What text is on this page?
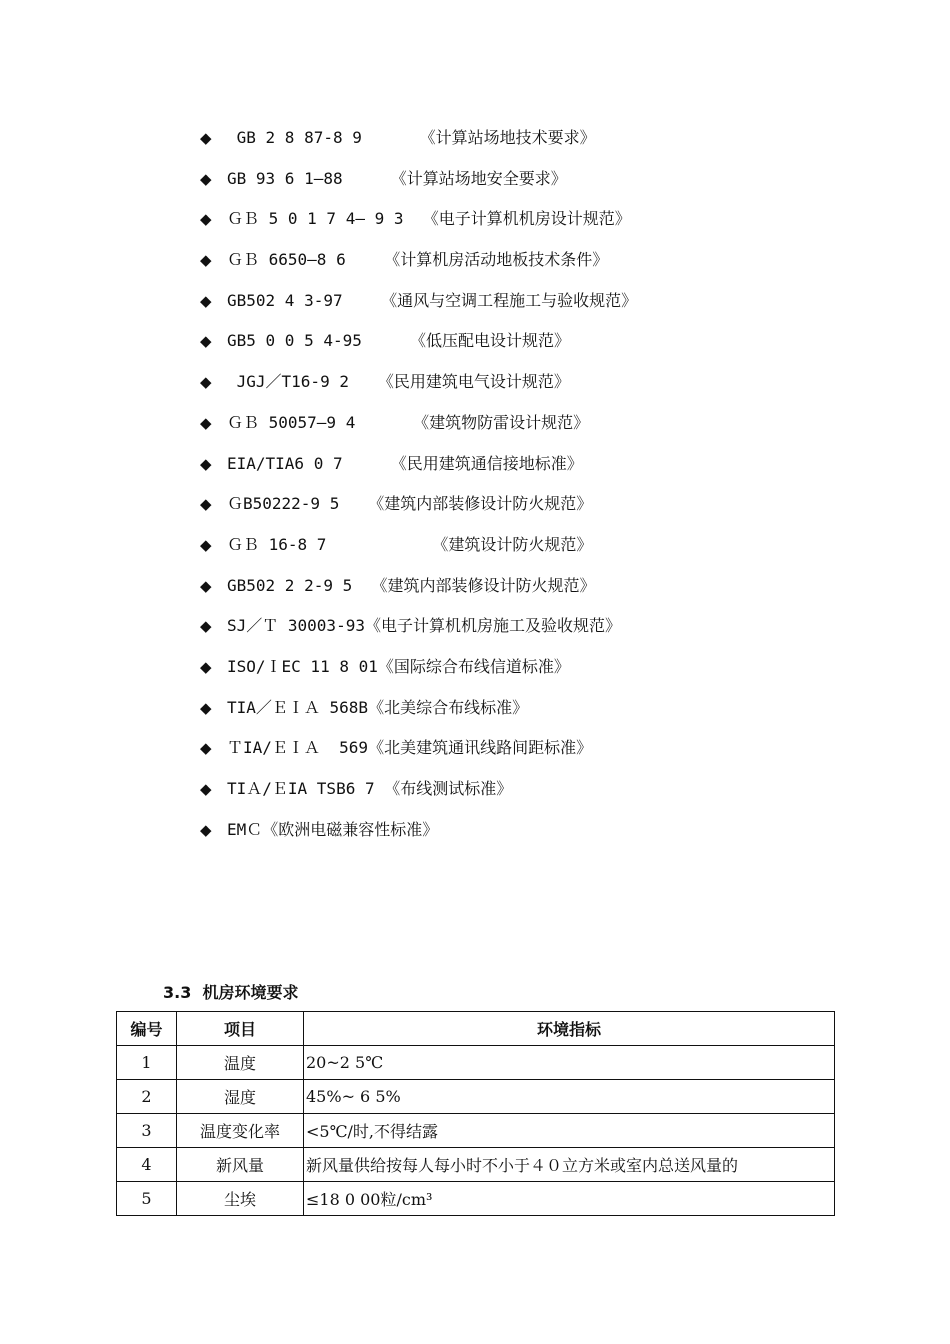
◆ GB 2 8 87-8 9      《计算站场地技术要求》
◆ GB 93 6 1—88     《计算站场地安全要求》
◆ ＧＢ 5 0 1 7 4— 9 3  《电子计算机机房设计规范》
◆ ＧＢ 6650—8 6    《计算机房活动地板技术条件》
◆ GB502 4 3-97    《通风与空调工程施工与验收规范》
◆ GB5 0 0 5 4-95     《低压配电设计规范》
◆ JGJ／T16-9 2   《民用建筑电气设计规范》
◆ ＧＢ 50057—9 4      《建筑物防雷设计规范》
◆ EIA/TIA6 0 7     《民用建筑通信接地标准》
◆ ＧB50222-9 5   《建筑内部装修设计防火规范》
◆ ＧＢ 16-8 7           《建筑设计防火规范》
◆ GB502 2 2-9 5  《建筑内部装修设计防火规范》
◆ SJ／Ｔ 30003-93《电子计算机机房施工及验收规范》
◆ ISO/ＩEC 11 8 01《国际综合布线信道标准》
◆ TIA／ＥＩＡ 568B《北美综合布线标准》
◆ ＴIA/ＥＩＡ  569《北美建筑通讯线路间距标准》
◆ TIＡ/ＥIA TSB6 7 《布线测试标准》
◆ EMＣ《欧洲电磁兼容性标准》
3.3  机房环境要求
编号	项目	环境指标
1	温度	20~2 5℃
2	湿度	45%~ 6 5%
3	温度变化率	<5℃/时,不得结露
4	新风量	新风量供给按每人每小时不小于４０立方米或室内总送风量的
5	尘埃	≤18 0 00粒/cm³
